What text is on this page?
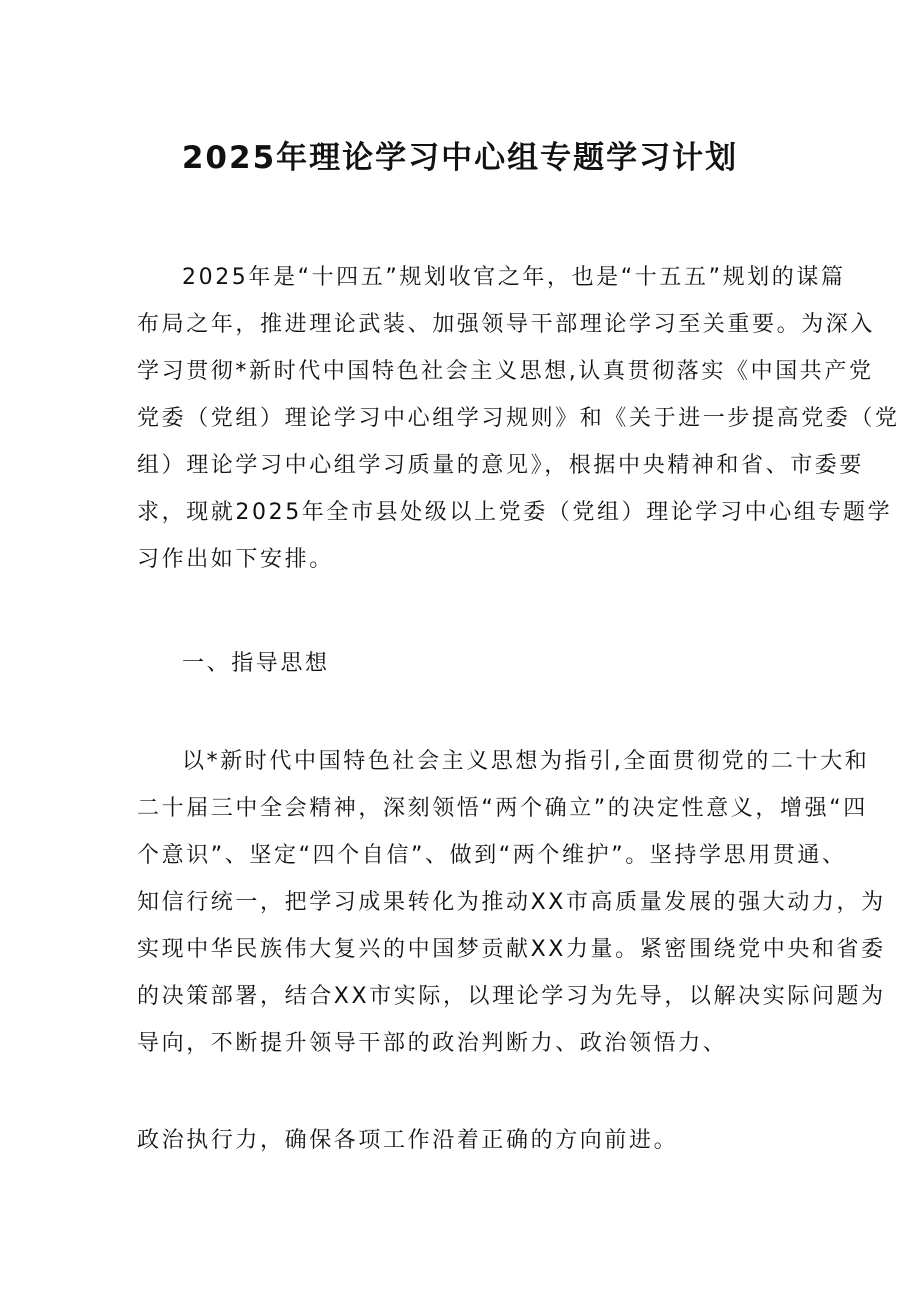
2025年理论学习中心组专题学习计划

2025年是“十四五”规划收官之年，也是“十五五”规划的谋篇

布局之年，推进理论武装、加强领导干部理论学习至关重要。为深入

学习贯彻*新时代中国特色社会主义思想,认真贯彻落实《中国共产党

党委（党组）理论学习中心组学习规则》和《关于进一步提高党委（党

组）理论学习中心组学习质量的意见》，根据中央精神和省、市委要

求，现就2025年全市县处级以上党委（党组）理论学习中心组专题学

习作出如下安排。

一、指导思想

以*新时代中国特色社会主义思想为指引,全面贯彻党的二十大和

二十届三中全会精神，深刻领悟“两个确立”的决定性意义，增强“四

个意识”、坚定“四个自信”、做到“两个维护”。坚持学思用贯通、

知信行统一，把学习成果转化为推动XX市高质量发展的强大动力，为

实现中华民族伟大复兴的中国梦贡献XX力量。紧密围绕党中央和省委

的决策部署，结合XX市实际，以理论学习为先导，以解决实际问题为

导向，不断提升领导干部的政治判断力、政治领悟力、

政治执行力，确保各项工作沿着正确的方向前进。
